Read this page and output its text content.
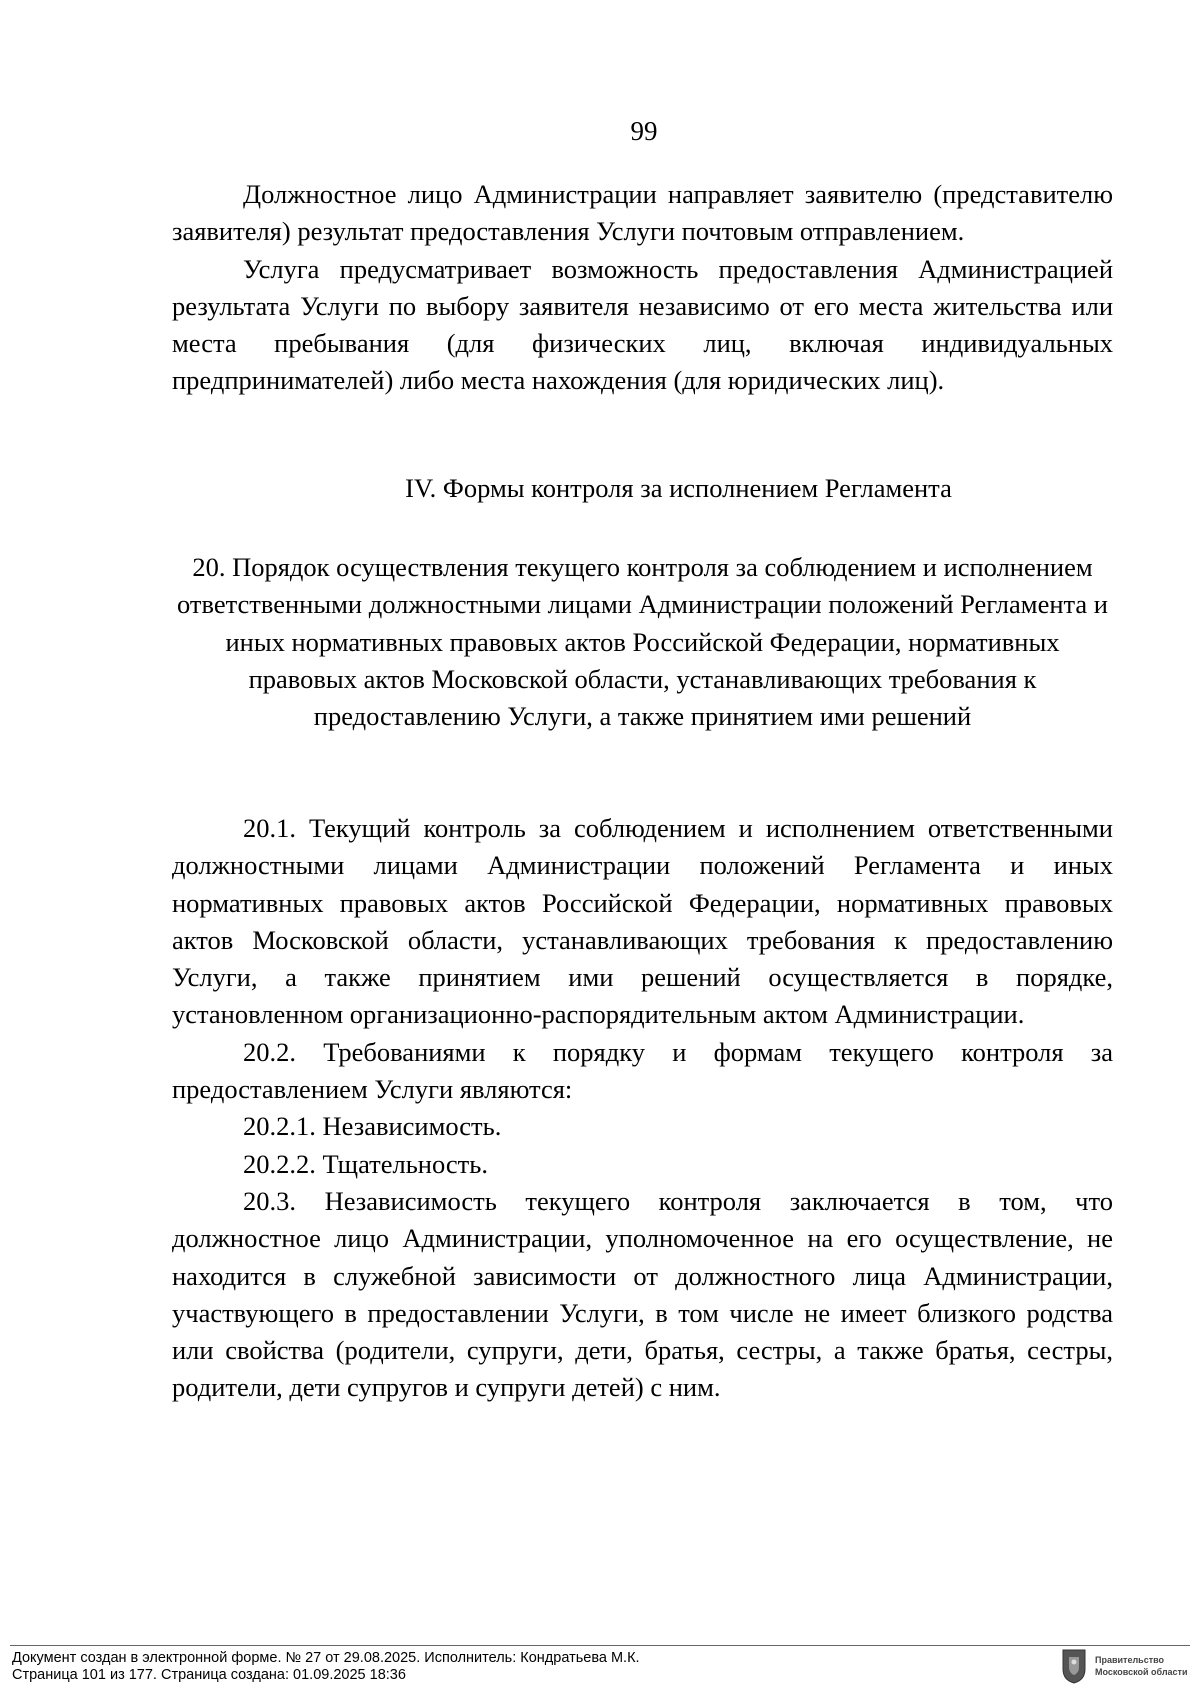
99

Должностное лицо Администрации направляет заявителю (представителю заявителя) результат предоставления Услуги почтовым отправлением.

Услуга предусматривает возможность предоставления Администрацией результата Услуги по выбору заявителя независимо от его места жительства или места пребывания (для физических лиц, включая индивидуальных предпринимателей) либо места нахождения (для юридических лиц).

IV. Формы контроля за исполнением Регламента
20. Порядок осуществления текущего контроля за соблюдением и исполнением ответственными должностными лицами Администрации положений Регламента и иных нормативных правовых актов Российской Федерации, нормативных правовых актов Московской области, устанавливающих требования к предоставлению Услуги, а также принятием ими решений

20.1. Текущий контроль за соблюдением и исполнением ответственными должностными лицами Администрации положений Регламента и иных нормативных правовых актов Российской Федерации, нормативных правовых актов Московской области, устанавливающих требования к предоставлению Услуги, а также принятием ими решений осуществляется в порядке, установленном организационно-распорядительным актом Администрации.

20.2. Требованиями к порядку и формам текущего контроля за предоставлением Услуги являются:

20.2.1. Независимость.

20.2.2. Тщательность.

20.3. Независимость текущего контроля заключается в том, что должностное лицо Администрации, уполномоченное на его осуществление, не находится в служебной зависимости от должностного лица Администрации, участвующего в предоставлении Услуги, в том числе не имеет близкого родства или свойства (родители, супруги, дети, братья, сестры, а также братья, сестры, родители, дети супругов и супруги детей) с ним.

Документ создан в электронной форме. № 27 от 29.08.2025. Исполнитель: Кондратьева М.К.
Страница 101 из 177. Страница создана: 01.09.2025 18:36
Правительство
Московской области
